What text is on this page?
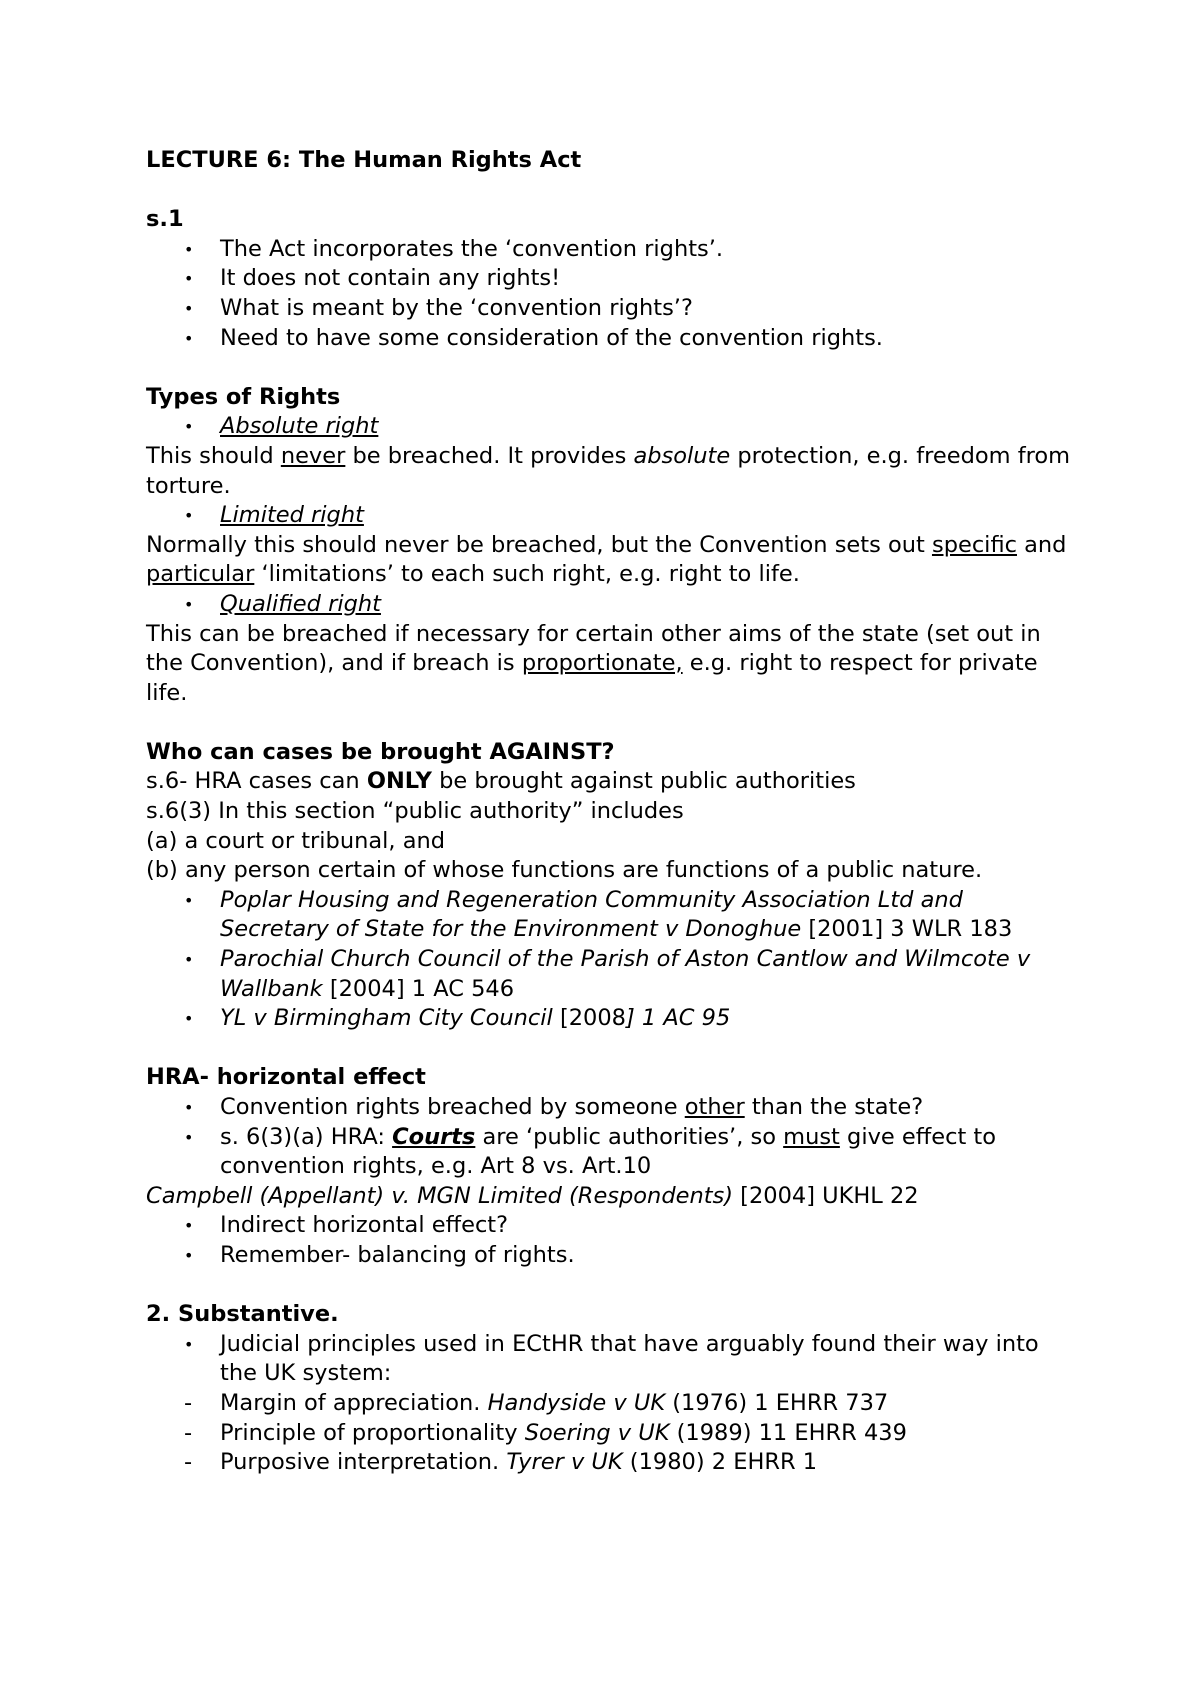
LECTURE 6: The Human Rights Act
s.1
• The Act incorporates the ‘convention rights’.
• It does not contain any rights!
• What is meant by the ‘convention rights’?
• Need to have some consideration of the convention rights.
Types of Rights
• Absolute right

This should never be breached. It provides absolute protection, e.g. freedom from torture.

• Limited right

Normally this should never be breached, but the Convention sets out specific and particular ‘limitations’ to each such right, e.g. right to life.

• Qualified right

This can be breached if necessary for certain other aims of the state (set out in the Convention), and if breach is proportionate, e.g. right to respect for private life.

Who can cases be brought AGAINST?

s.6- HRA cases can ONLY be brought against public authorities

s.6(3) In this section “public authority” includes

(a) a court or tribunal, and

(b) any person certain of whose functions are functions of a public nature.

• Poplar Housing and Regeneration Community Association Ltd and Secretary of State for the Environment v Donoghue [2001] 3 WLR 183
• Parochial Church Council of the Parish of Aston Cantlow and Wilmcote v Wallbank [2004] 1 AC 546
• YL v Birmingham City Council [2008] 1 AC 95
HRA- horizontal effect
• Convention rights breached by someone other than the state?
• s. 6(3)(a) HRA: Courts are ‘public authorities’, so must give effect to convention rights, e.g. Art 8 vs. Art.10

Campbell (Appellant) v. MGN Limited (Respondents) [2004] UKHL 22

• Indirect horizontal effect?
• Remember- balancing of rights.
2. Substantive.
• Judicial principles used in ECtHR that have arguably found their way into the UK system:
- Margin of appreciation. Handyside v UK (1976) 1 EHRR 737
- Principle of proportionality Soering v UK (1989) 11 EHRR 439
- Purposive interpretation. Tyrer v UK (1980) 2 EHRR 1
